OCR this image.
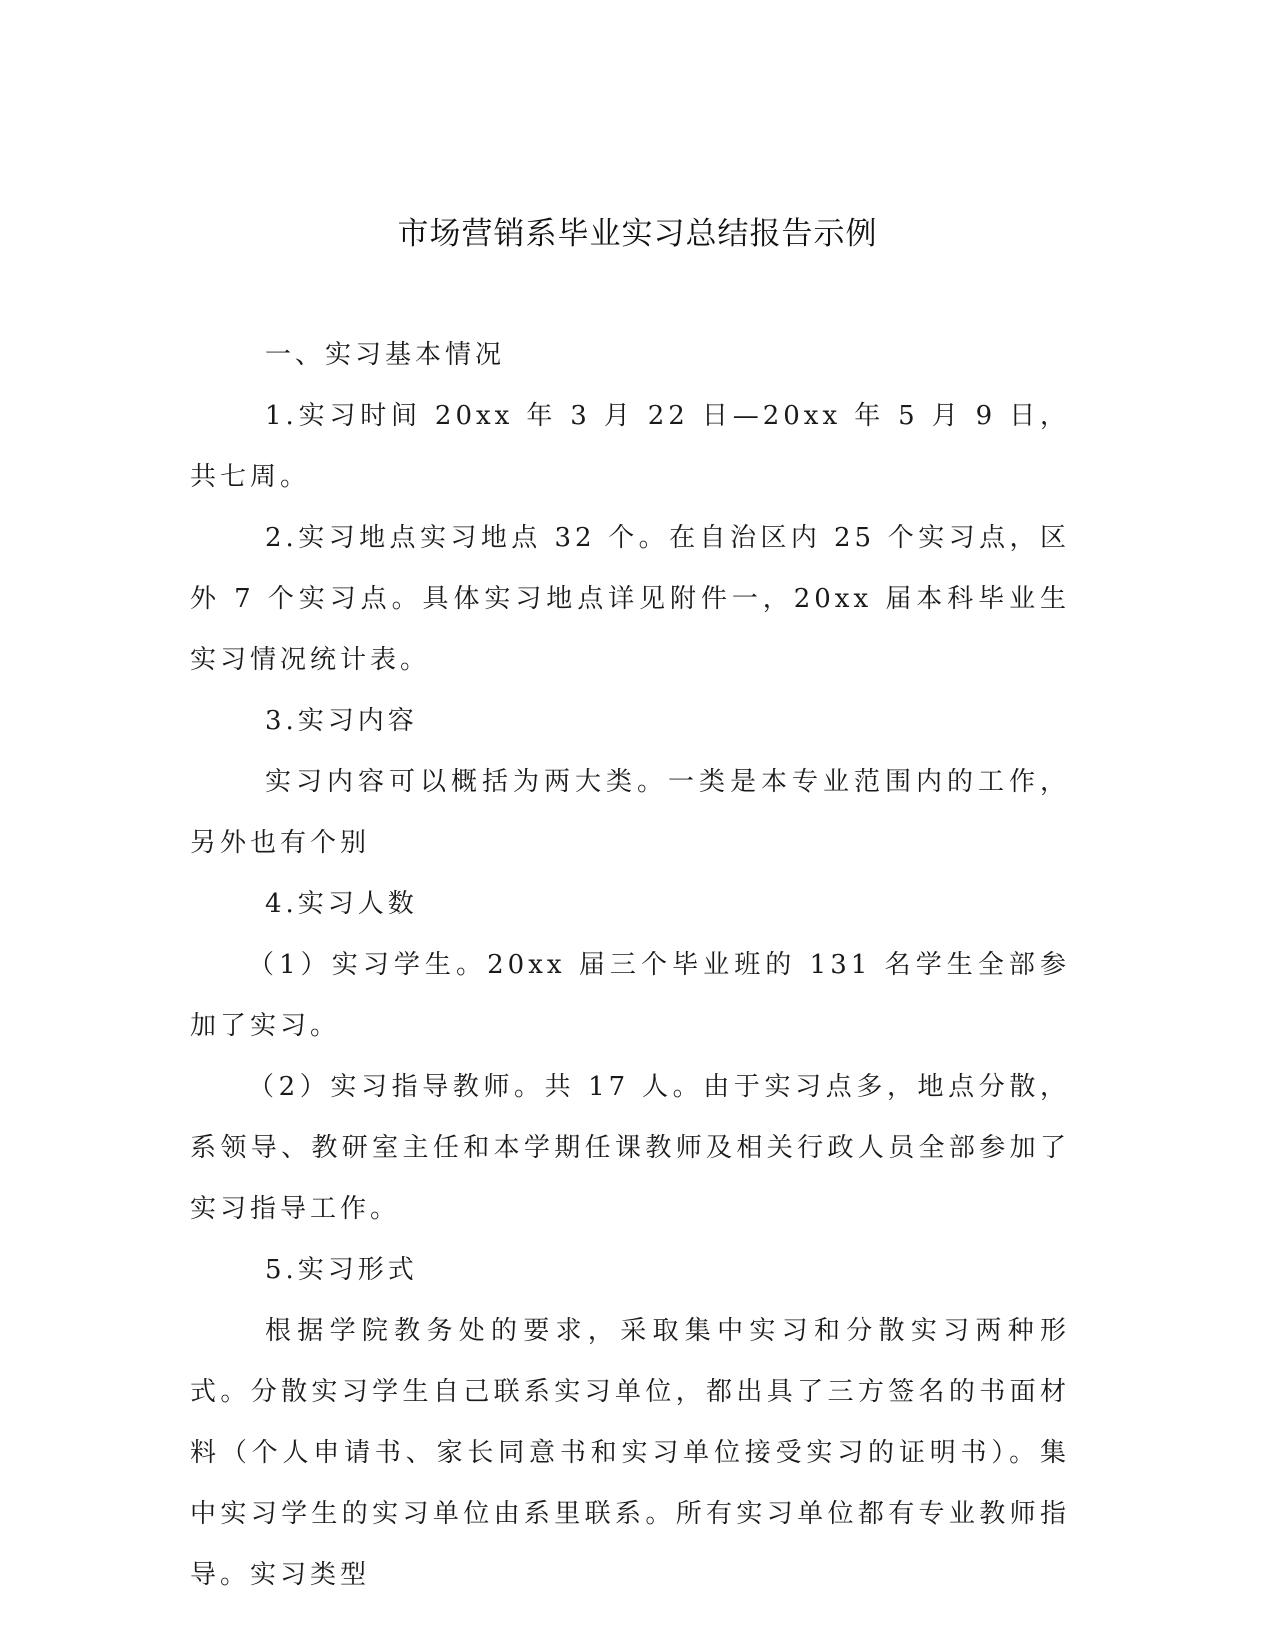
市场营销系毕业实习总结报告示例

一、实习基本情况

1.实习时间 20xx 年 3 月 22 日—20xx 年 5 月 9 日，共七周。

2.实习地点实习地点 32 个。在自治区内 25 个实习点，区外 7 个实习点。具体实习地点详见附件一，20xx 届本科毕业生实习情况统计表。

3.实习内容

实习内容可以概括为两大类。一类是本专业范围内的工作，另外也有个别

4.实习人数

（1）实习学生。20xx 届三个毕业班的 131 名学生全部参加了实习。

（2）实习指导教师。共 17 人。由于实习点多，地点分散，系领导、教研室主任和本学期任课教师及相关行政人员全部参加了实习指导工作。

5.实习形式

根据学院教务处的要求，采取集中实习和分散实习两种形式。分散实习学生自己联系实习单位，都出具了三方签名的书面材料（个人申请书、家长同意书和实习单位接受实习的证明书）。集中实习学生的实习单位由系里联系。所有实习单位都有专业教师指导。实习类型
